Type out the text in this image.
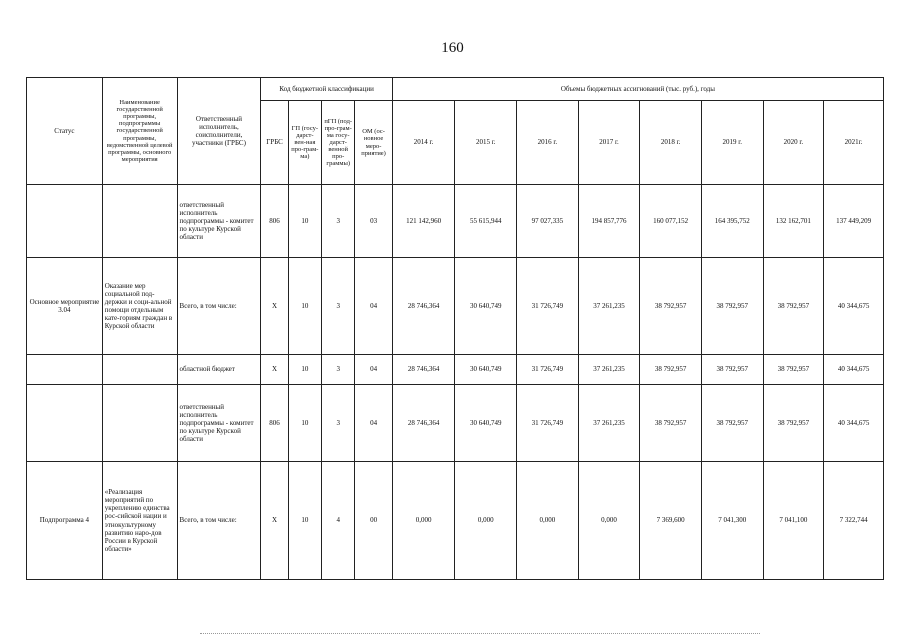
160
Статус	Наименование государственной программы, подпрограммы государственной программы, ведомственной целевой программы, основного мероприятия	Ответственный исполнитель, соисполнители, участники (ГРБС)	Код бюджетной классификации				Объемы бюджетных ассигнований (тыс. руб.), годы							
			ГРБС	ГП (госу-дарст-вен-ная про-грам-ма)	пГП (под-про-грам-ма госу-дарст-венной про-граммы)	ОМ (ос-новное меро-приятие)	2014 г.	2015 г.	2016 г.	2017 г.	2018 г.	2019 г.	2020 г.	2021г.
		ответственный исполнитель подпрограммы - комитет по культуре Курской области	806	10	3	03	121 142,960	55 615,944	97 027,335	194 857,776	160 077,152	164 395,752	132 162,701	137 449,209
Основное мероприятие 3.04	Оказание мер социальной под-держки и соци-альной помощи отдельным кате-гориям граждан в Курской области	Всего, в том числе:	Х	10	3	04	28 746,364	30 640,749	31 726,749	37 261,235	38 792,957	38 792,957	38 792,957	40 344,675
		областной бюджет	Х	10	3	04	28 746,364	30 640,749	31 726,749	37 261,235	38 792,957	38 792,957	38 792,957	40 344,675
		ответственный исполнитель подпрограммы - комитет по культуре Курской области	806	10	3	04	28 746,364	30 640,749	31 726,749	37 261,235	38 792,957	38 792,957	38 792,957	40 344,675
Подпрограмма 4	«Реализация мероприятий по укреплению единства рос-сийской нации и этнокультурному развитию наро-дов России в Курской области»	Всего, в том числе:	Х	10	4	00	0,000	0,000	0,000	0,000	7 369,600	7 041,300	7 041,100	7 322,744
